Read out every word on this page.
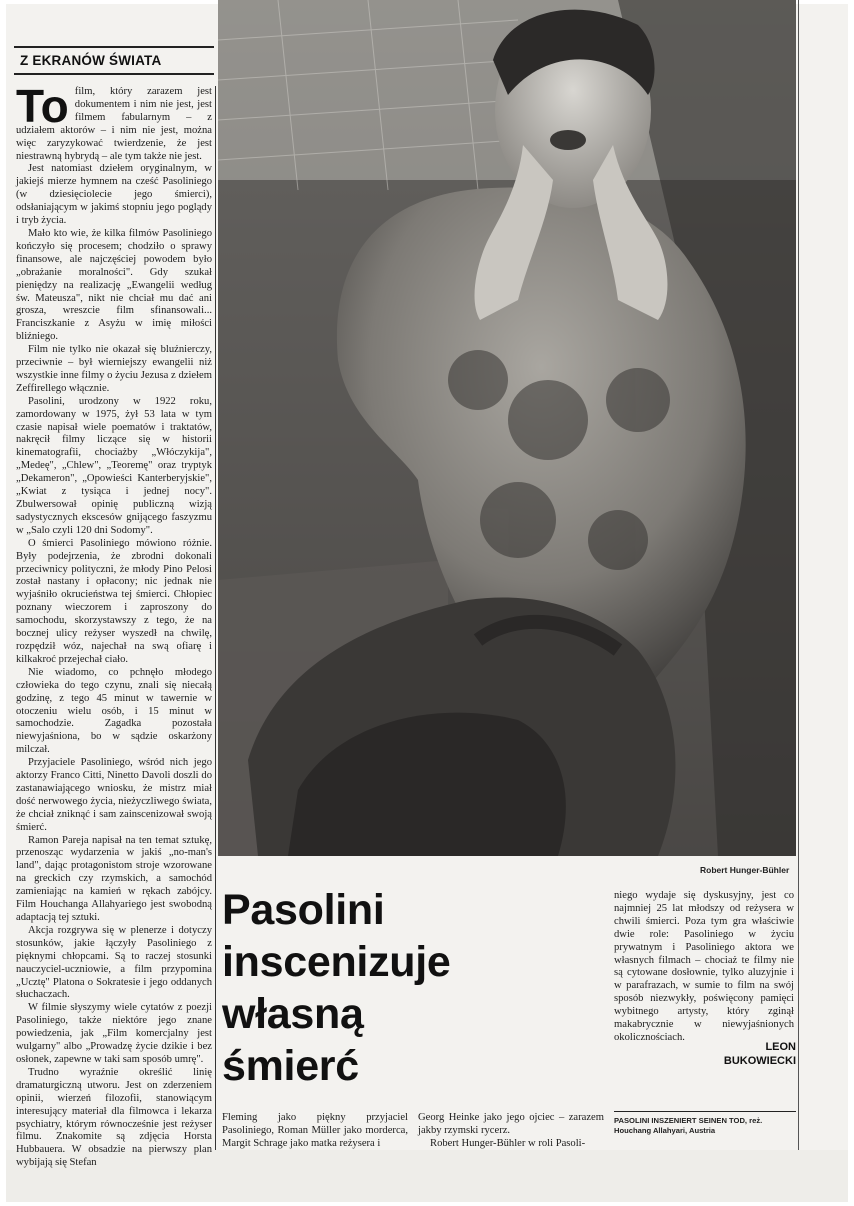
Z EKRANÓW ŚWIATA

To film, który zarazem jest dokumentem i nim nie jest, jest filmem fabularnym – z udziałem aktorów – i nim nie jest, można więc zaryzykować twierdzenie, że jest niestrawną hybrydą – ale tym także nie jest.

Jest natomiast dziełem oryginalnym, w jakiejś mierze hymnem na cześć Pasoliniego (w dziesięciolecie jego śmierci), odsłaniającym w jakimś stopniu jego poglądy i tryb życia.

Mało kto wie, że kilka filmów Pasoliniego kończyło się procesem; chodziło o sprawy finansowe, ale najczęściej powodem było „obrażanie moralności". Gdy szukał pieniędzy na realizację „Ewangelii według św. Mateusza", nikt nie chciał mu dać ani grosza, wreszcie film sfinansowali... Franciszkanie z Asyżu w imię miłości bliźniego.

Film nie tylko nie okazał się bluźnierczy, przeciwnie – był wierniejszy ewangelii niż wszystkie inne filmy o życiu Jezusa z dziełem Zeffirellego włącznie.

Pasolini, urodzony w 1922 roku, zamordowany w 1975, żył 53 lata w tym czasie napisał wiele poematów i traktatów, nakręcił filmy liczące się w historii kinematografii, chociażby „Włóczykija", „Medeę", „Chlew", „Teoremę" oraz tryptyk „Dekameron", „Opowieści Kanterberyjskie", „Kwiat z tysiąca i jednej nocy". Zbulwersował opinię publiczną wizją sadystycznych ekscesów gnijącego faszyzmu w „Salo czyli 120 dni Sodomy".

O śmierci Pasoliniego mówiono różnie. Były podejrzenia, że zbrodni dokonali przeciwnicy polityczni, że młody Pino Pelosi został nastany i opłacony; nic jednak nie wyjaśniło okrucieństwa tej śmierci. Chłopiec poznany wieczorem i zaproszony do samochodu, skorzystawszy z tego, że na bocznej ulicy reżyser wyszedł na chwilę, rozpędził wóz, najechał na swą ofiarę i kilkakroć przejechał ciało.

Nie wiadomo, co pchnęło młodego człowieka do tego czynu, znali się niecałą godzinę, z tego 45 minut w tawernie w otoczeniu wielu osób, i 15 minut w samochodzie. Zagadka pozostała niewyjaśniona, bo w sądzie oskarżony milczał.

Przyjaciele Pasoliniego, wśród nich jego aktorzy Franco Citti, Ninetto Davoli doszli do zastanawiającego wniosku, że mistrz miał dość nerwowego życia, nieżyczliwego świata, że chciał zniknąć i sam zainscenizował swoją śmierć.

Ramon Pareja napisał na ten temat sztukę, przenosząc wydarzenia w jakiś „no-man's land", dając protagonistom stroje wzorowane na greckich czy rzymskich, a samochód zamieniając na kamień w rękach zabójcy. Film Houchanga Allahyariego jest swobodną adaptacją tej sztuki.

Akcja rozgrywa się w plenerze i dotyczy stosunków, jakie łączyły Pasoliniego z pięknymi chłopcami. Są to raczej stosunki nauczyciel-uczniowie, a film przypomina „Ucztę" Platona o Sokratesie i jego oddanych słuchaczach.

W filmie słyszymy wiele cytatów z poezji Pasoliniego, także niektóre jego znane powiedzenia, jak „Film komercjalny jest wulgarny" albo „Prowadzę życie dzikie i bez osłonek, zapewne w taki sam sposób umrę".

Trudno wyraźnie określić linię dramaturgiczną utworu. Jest on zderzeniem opinii, wierzeń filozofii, stanowiącym interesujący materiał dla filmowca i lekarza psychiatry, którym równocześnie jest reżyser filmu. Znakomite są zdjęcia Horsta Hubbauera. W obsadzie na pierwszy plan wybijają się Stefan

Robert Hunger-Bühler
Pasolini
inscenizuje
własną
śmierć
niego wydaje się dyskusyjny, jest co najmniej 25 lat młodszy od reżysera w chwili śmierci. Poza tym gra właściwie dwie role: Pasoliniego w życiu prywatnym i Pasoliniego aktora we własnych filmach – chociaż te filmy nie są cytowane dosłownie, tylko aluzyjnie i w parafrazach, w sumie to film na swój sposób niezwykły, poświęcony pamięci wybitnego artysty, który zginął makabrycznie w niewyjaśnionych okolicznościach.
LEON
BUKOWIECKI
PASOLINI INSZENIERT SEINEN TOD, reż. Houchang Allahyari, Austria
Fleming jako piękny przyjaciel Pasoliniego, Roman Müller jako morderca, Margit Schrage jako matka reżysera i

Georg Heinke jako jego ojciec – zarazem jakby rzymski rycerz.

Robert Hunger-Bühler w roli Pasoli-
